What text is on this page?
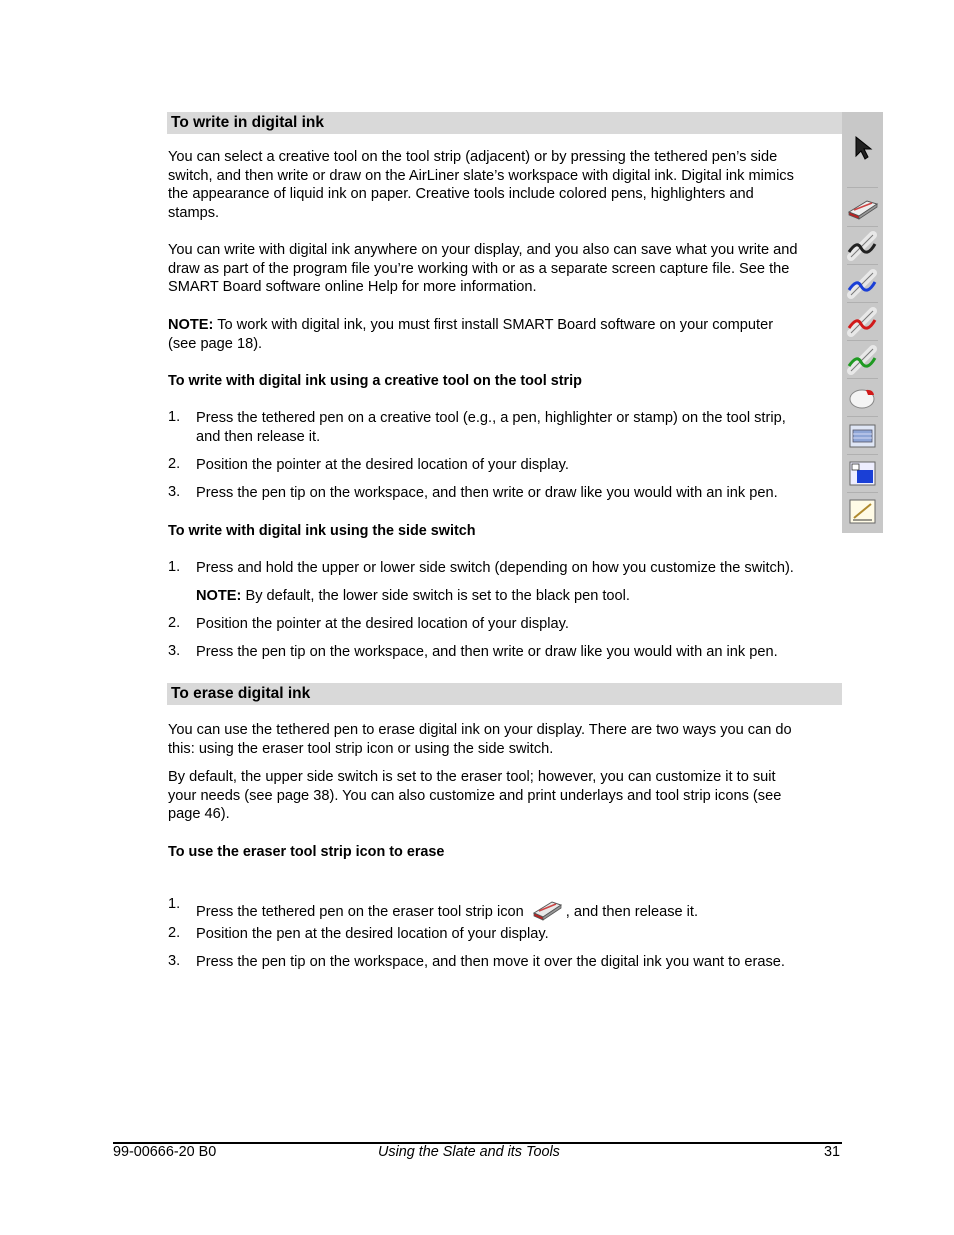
To write in digital ink
You can select a creative tool on the tool strip (adjacent) or by pressing the tethered pen’s side
switch, and then write or draw on the AirLiner slate’s workspace with digital ink. Digital ink mimics
the appearance of liquid ink on paper. Creative tools include colored pens, highlighters and
stamps.
You can write with digital ink anywhere on your display, and you also can save what you write and
draw as part of the program file you’re working with or as a separate screen capture file. See the
SMART Board software online Help for more information.
NOTE: To work with digital ink, you must first install SMART Board software on your computer
(see page 18).
To write with digital ink using a creative tool on the tool strip
1. Press the tethered pen on a creative tool (e.g., a pen, highlighter or stamp) on the tool strip,
and then release it.
2. Position the pointer at the desired location of your display.
3. Press the pen tip on the workspace, and then write or draw like you would with an ink pen.
To write with digital ink using the side switch
1. Press and hold the upper or lower side switch (depending on how you customize the switch).
NOTE: By default, the lower side switch is set to the black pen tool.
2. Position the pointer at the desired location of your display.
3. Press the pen tip on the workspace, and then write or draw like you would with an ink pen.
To erase digital ink
You can use the tethered pen to erase digital ink on your display. There are two ways you can do
this: using the eraser tool strip icon or using the side switch.
By default, the upper side switch is set to the eraser tool; however, you can customize it to suit
your needs (see page 38). You can also customize and print underlays and tool strip icons (see
page 46).
To use the eraser tool strip icon to erase
1. Press the tethered pen on the eraser tool strip icon	, and then release it.
2. Position the pen at the desired location of your display.
3. Press the pen tip on the workspace, and then move it over the digital ink you want to erase.
99-00666-20 B0	Using the Slate and its Tools	31
